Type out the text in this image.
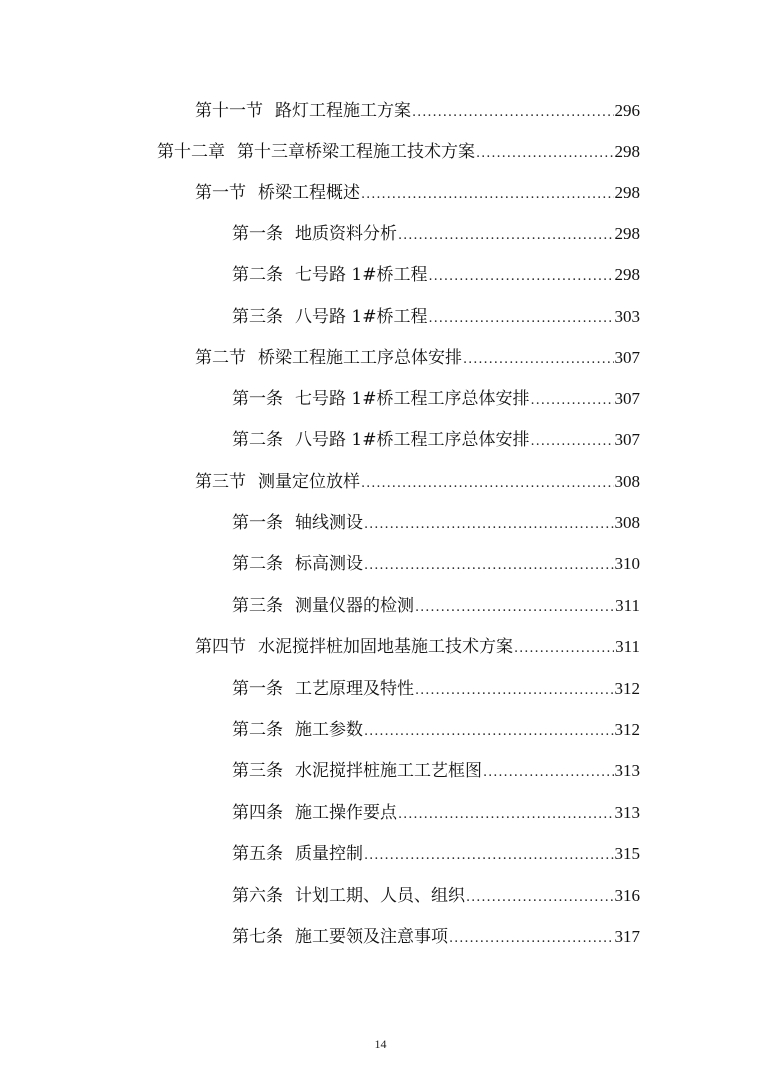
第十一节 路灯工程施工方案 .....	296
第十二章 第十三章桥梁工程施工技术方案 .....	298
第一节 桥梁工程概述 .....	298
第一条 地质资料分析 .....	298
第二条 七号路 1#桥工程 .....	298
第三条 八号路 1#桥工程 .....	303
第二节 桥梁工程施工工序总体安排 .....	307
第一条 七号路 1#桥工程工序总体安排 .....	307
第二条 八号路 1#桥工程工序总体安排 .....	307
第三节 测量定位放样 .....	308
第一条 轴线测设 .....	308
第二条 标高测设 .....	310
第三条 测量仪器的检测 .....	311
第四节 水泥搅拌桩加固地基施工技术方案 .....	311
第一条 工艺原理及特性 .....	312
第二条 施工参数 .....	312
第三条 水泥搅拌桩施工工艺框图 .....	313
第四条 施工操作要点 .....	313
第五条 质量控制 .....	315
第六条 计划工期、人员、组织 .....	316
第七条 施工要领及注意事项 .....	317
14
